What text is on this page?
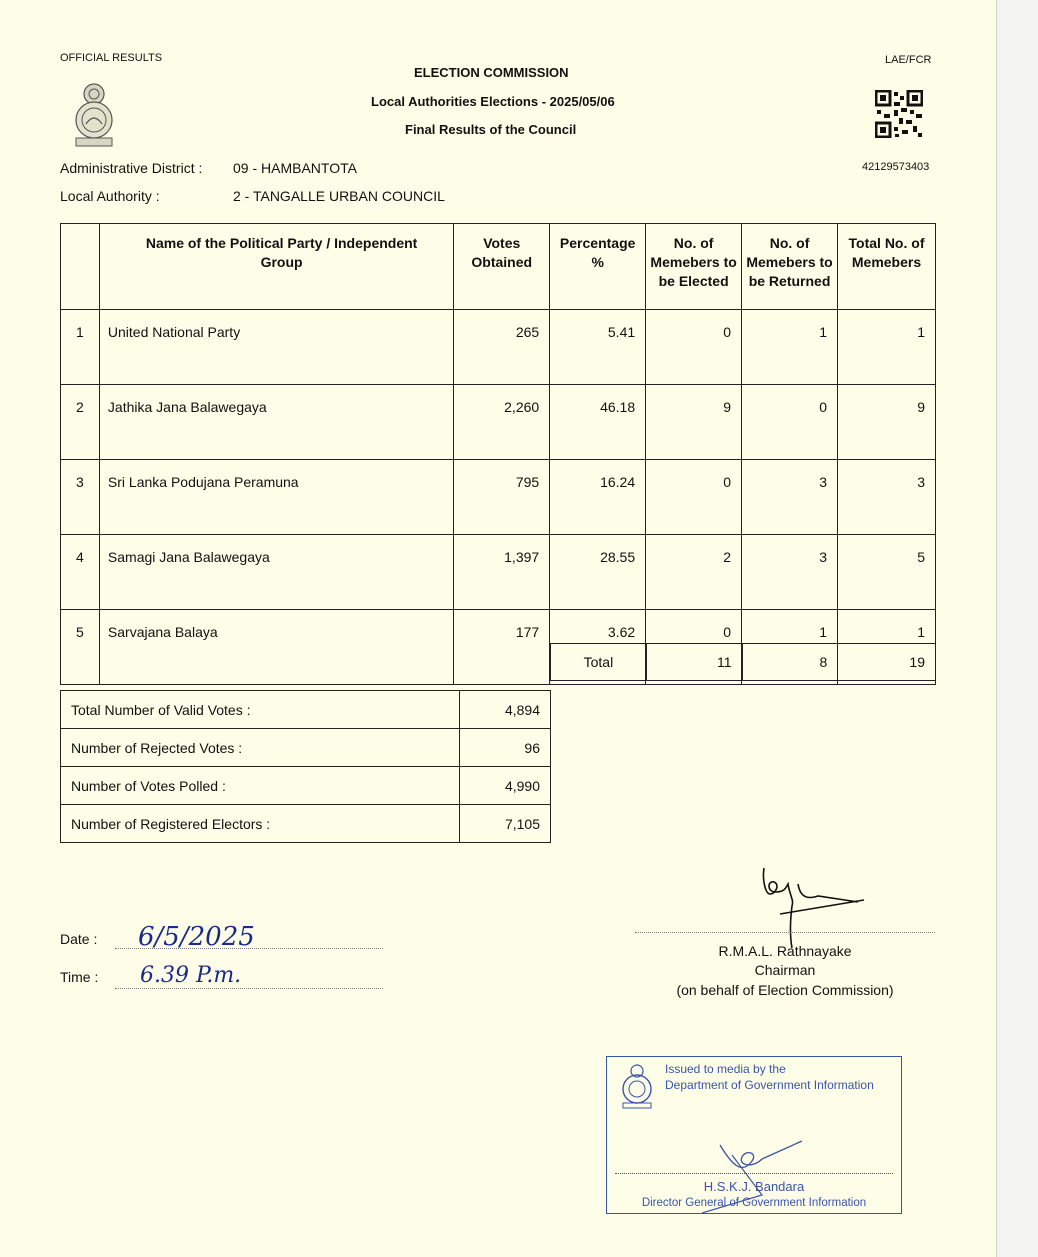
OFFICIAL RESULTS	LAE/FCR
ELECTION COMMISSION
Local Authorities Elections - 2025/05/06
Final Results of the Council
42129573403
Administrative District : 09 - HAMBANTOTA
Local Authority :	2 - TANGALLE URBAN COUNCIL
	Name of the Political Party / Independent Group	Votes Obtained	Percentage %	No. of Memebers to be Elected	No. of Memebers to be Returned	Total No. of Memebers
1	United National Party	265	5.41	0	1	1
2	Jathika Jana Balawegaya	2,260	46.18	9	0	9
3	Sri Lanka Podujana Peramuna	795	16.24	0	3	3
4	Samagi Jana Balawegaya	1,397	28.55	2	3	5
5	Sarvajana Balaya	177	3.62	0	1	1
Total	11	8	19
Total Number of Valid Votes :	4,894
Number of Rejected Votes :	96
Number of Votes Polled :	4,990
Number of Registered Electors :	7,105
Date : 6/5/2025
Time : 6.39 P.m.
R.M.A.L. Rathnayake
Chairman
(on behalf of Election Commission)
Issued to media by the
Department of Government Information
H.S.K.J. Bandara
Director General of Government Information
